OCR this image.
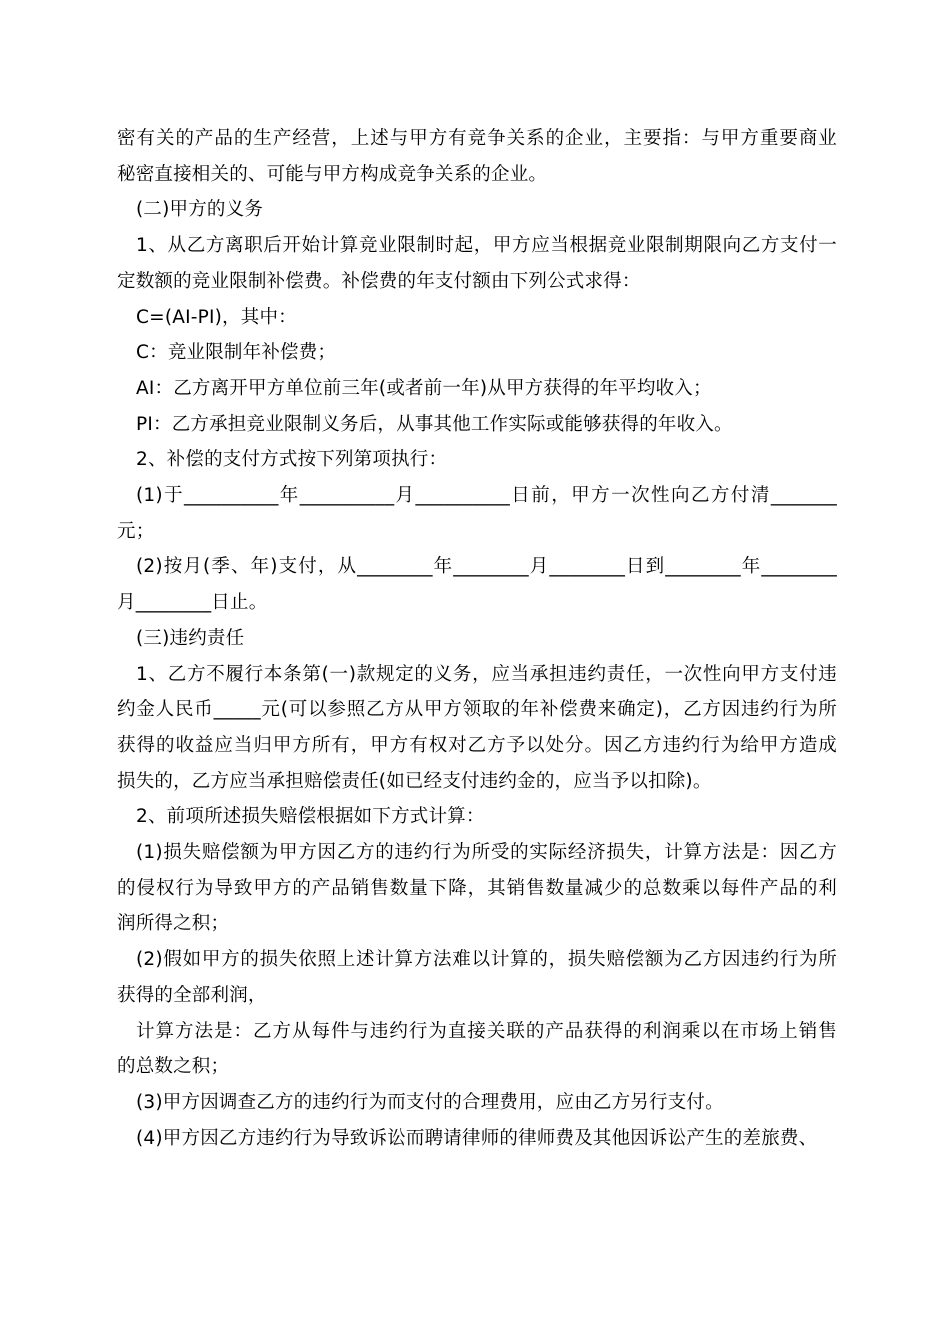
密有关的产品的生产经营，上述与甲方有竞争关系的企业，主要指：与甲方重要商业
秘密直接相关的、可能与甲方构成竞争关系的企业。

(二)甲方的义务

1、从乙方离职后开始计算竞业限制时起，甲方应当根据竞业限制期限向乙方支付一
定数额的竞业限制补偿费。补偿费的年支付额由下列公式求得：

C=(AI-PI)，其中：

C：竞业限制年补偿费；

AI：乙方离开甲方单位前三年(或者前一年)从甲方获得的年平均收入；

PI：乙方承担竞业限制义务后，从事其他工作实际或能够获得的年收入。

2、补偿的支付方式按下列第项执行：

(1)于__________年__________月__________日前，甲方一次性向乙方付清_______
元；

(2)按月(季、年)支付，从________年________月________日到________年________
月________日止。

(三)违约责任

1、乙方不履行本条第(一)款规定的义务，应当承担违约责任，一次性向甲方支付违
约金人民币_____元(可以参照乙方从甲方领取的年补偿费来确定)，乙方因违约行为所
获得的收益应当归甲方所有，甲方有权对乙方予以处分。因乙方违约行为给甲方造成
损失的，乙方应当承担赔偿责任(如已经支付违约金的，应当予以扣除)。

2、前项所述损失赔偿根据如下方式计算：

(1)损失赔偿额为甲方因乙方的违约行为所受的实际经济损失，计算方法是：因乙方
的侵权行为导致甲方的产品销售数量下降，其销售数量减少的总数乘以每件产品的利
润所得之积；

(2)假如甲方的损失依照上述计算方法难以计算的，损失赔偿额为乙方因违约行为所
获得的全部利润，

计算方法是：乙方从每件与违约行为直接关联的产品获得的利润乘以在市场上销售
的总数之积；

(3)甲方因调查乙方的违约行为而支付的合理费用，应由乙方另行支付。

(4)甲方因乙方违约行为导致诉讼而聘请律师的律师费及其他因诉讼产生的差旅费、
